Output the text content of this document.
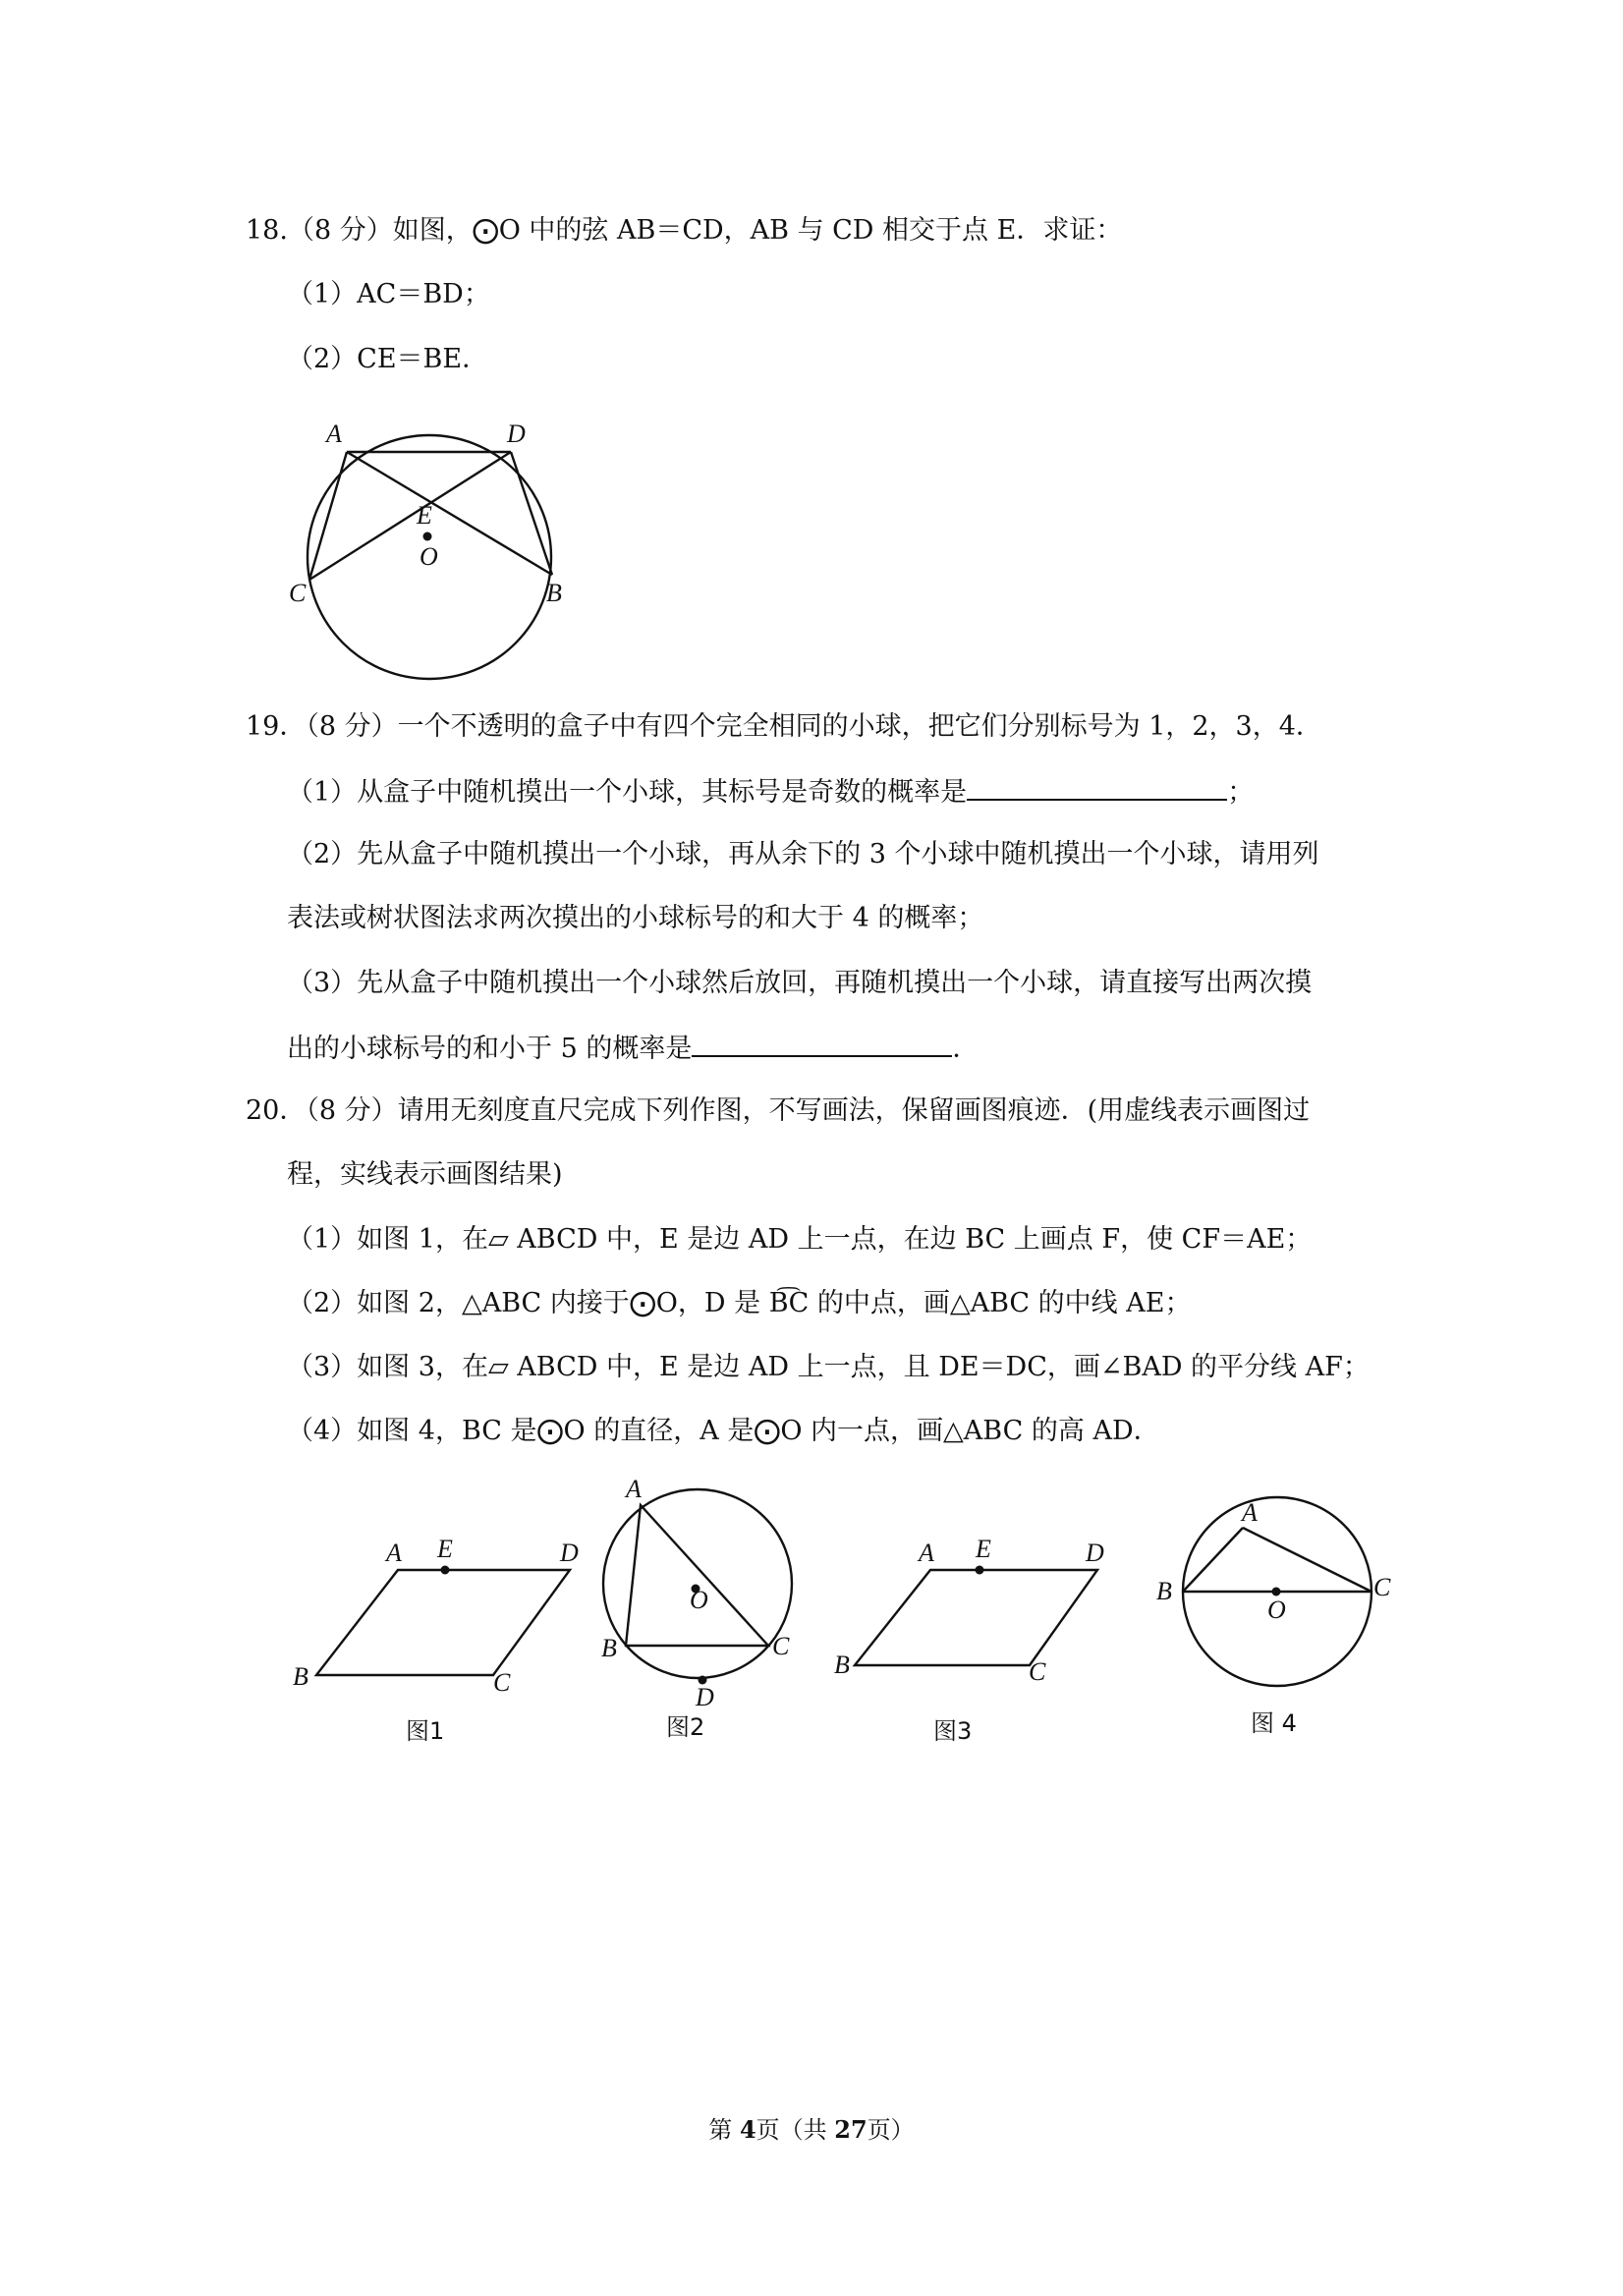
18.（8 分）如图，⨀O 中的弦 AB＝CD，AB 与 CD 相交于点 E．求证：
（1）AC＝BD；
（2）CE＝BE．
A	D
E
O
C	B
19．（8 分）一个不透明的盒子中有四个完全相同的小球，把它们分别标号为 1，2，3，4．
（1）从盒子中随机摸出一个小球，其标号是奇数的概率是	；
（2）先从盒子中随机摸出一个小球，再从余下的 3 个小球中随机摸出一个小球，请用列
表法或树状图法求两次摸出的小球标号的和大于 4 的概率；
（3）先从盒子中随机摸出一个小球然后放回，再随机摸出一个小球，请直接写出两次摸
出的小球标号的和小于 5 的概率是	．
20．（8 分）请用无刻度直尺完成下列作图，不写画法，保留画图痕迹．(用虚线表示画图过
程，实线表示画图结果)
（1）如图 1，在▱ ABCD 中，E 是边 AD 上一点，在边 BC 上画点 F，使 CF＝AE；
（2）如图 2，△ABC 内接于⨀O，D 是 B͡C 的中点，画△ABC 的中线 AE；
（3）如图 3，在▱ ABCD 中，E 是边 AD 上一点，且 DE＝DC，画∠BAD 的平分线 AF；
（4）如图 4，BC 是⨀O 的直径，A 是⨀O 内一点，画△ABC 的高 AD．
A E	D
B	C
图1
A
O
B	C
D
图2
A E	D
B	C
图3
A
B
O
C
图 4
第 4页（共 27页）
